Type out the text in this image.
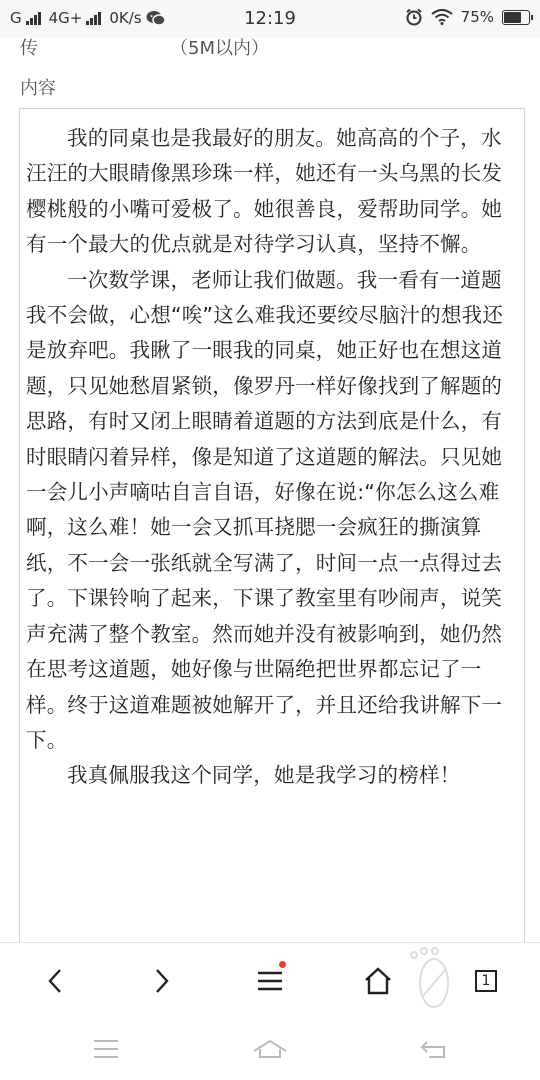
G 4G+ 0K/s	12:19	75%
传	（5M以内）
内容

我的同桌也是我最好的朋友。她高高的个子，水汪汪的大眼睛像黑珍珠一样，她还有一头乌黑的长发樱桃般的小嘴可爱极了。她很善良，爱帮助同学。她有一个最大的优点就是对待学习认真，坚持不懈。

一次数学课，老师让我们做题。我一看有一道题我不会做，心想“唉”这么难我还要绞尽脑汁的想我还是放弃吧。我瞅了一眼我的同桌，她正好也在想这道题，只见她愁眉紧锁，像罗丹一样好像找到了解题的思路，有时又闭上眼睛着道题的方法到底是什么，有时眼睛闪着异样，像是知道了这道题的解法。只见她一会儿小声嘀咕自言自语，好像在说:“你怎么这么难啊，这么难！她一会又抓耳挠腮一会疯狂的撕演算纸，不一会一张纸就全写满了，时间一点一点得过去了。下课铃响了起来，下课了教室里有吵闹声，说笑声充满了整个教室。然而她并没有被影响到，她仍然在思考这道题，她好像与世隔绝把世界都忘记了一样。终于这道难题被她解开了，并且还给我讲解下一下。

我真佩服我这个同学，她是我学习的榜样！

1
